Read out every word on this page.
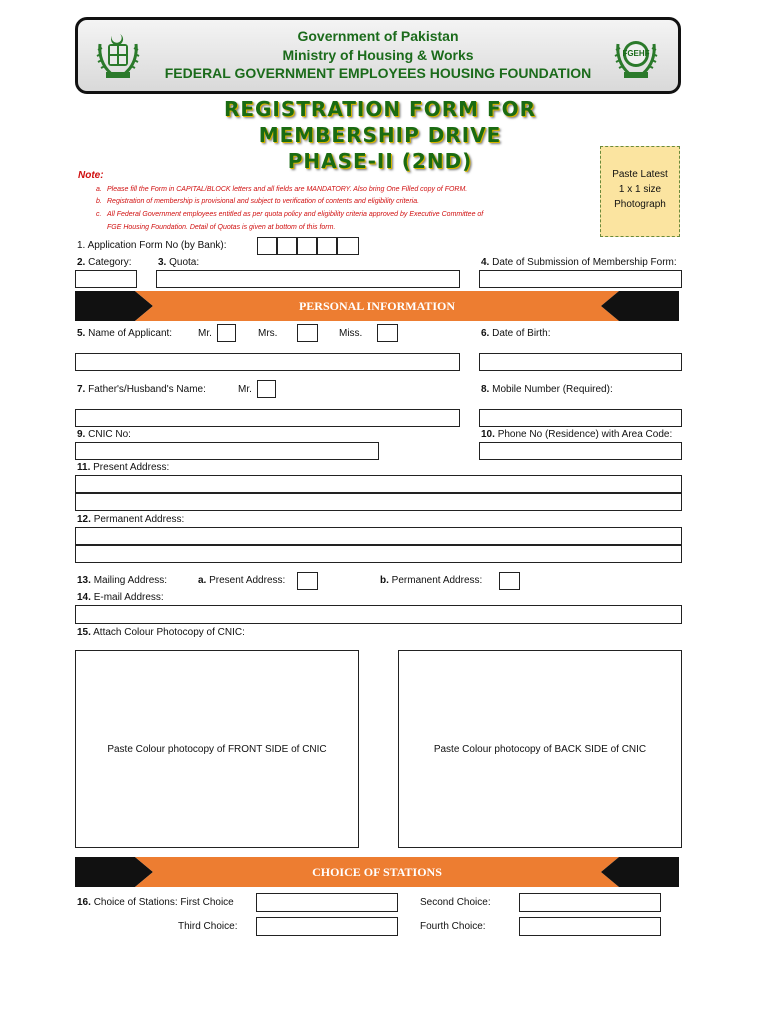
Government of Pakistan
Ministry of Housing & Works
FEDERAL GOVERNMENT EMPLOYEES HOUSING FOUNDATION
FGEHF
REGISTRATION FORM FOR
MEMBERSHIP DRIVE
PHASE-II (2ND)
Paste Latest
1 x 1 size
Photograph
Note:
a. Please fill the Form in CAPITAL/BLOCK letters and all fields are MANDATORY. Also bring One Filled copy of FORM.
b. Registration of membership is provisional and subject to verification of contents and eligibility criteria.
c. All Federal Government employees entitled as per quota policy and eligibility criteria approved by Executive Committee of
FGE Housing Foundation. Detail of Quotas is given at bottom of this form.
1. Application Form No (by Bank):
2. Category:	3. Quota:	4. Date of Submission of Membership Form:
PERSONAL INFORMATION
5. Name of Applicant:	Mr.	Mrs.	Miss.	6. Date of Birth:
7. Father's/Husband's Name:	Mr.	8. Mobile Number (Required):
9. CNIC No:	10. Phone No (Residence) with Area Code:
11. Present Address:
12. Permanent Address:
13. Mailing Address:	a. Present Address:	b. Permanent Address:
14. E-mail Address:
15. Attach Colour Photocopy of CNIC:
Paste Colour photocopy of FRONT SIDE of CNIC	Paste Colour photocopy of BACK SIDE of CNIC
CHOICE OF STATIONS
16. Choice of Stations: First Choice	Second Choice:
Third Choice:	Fourth Choice:
